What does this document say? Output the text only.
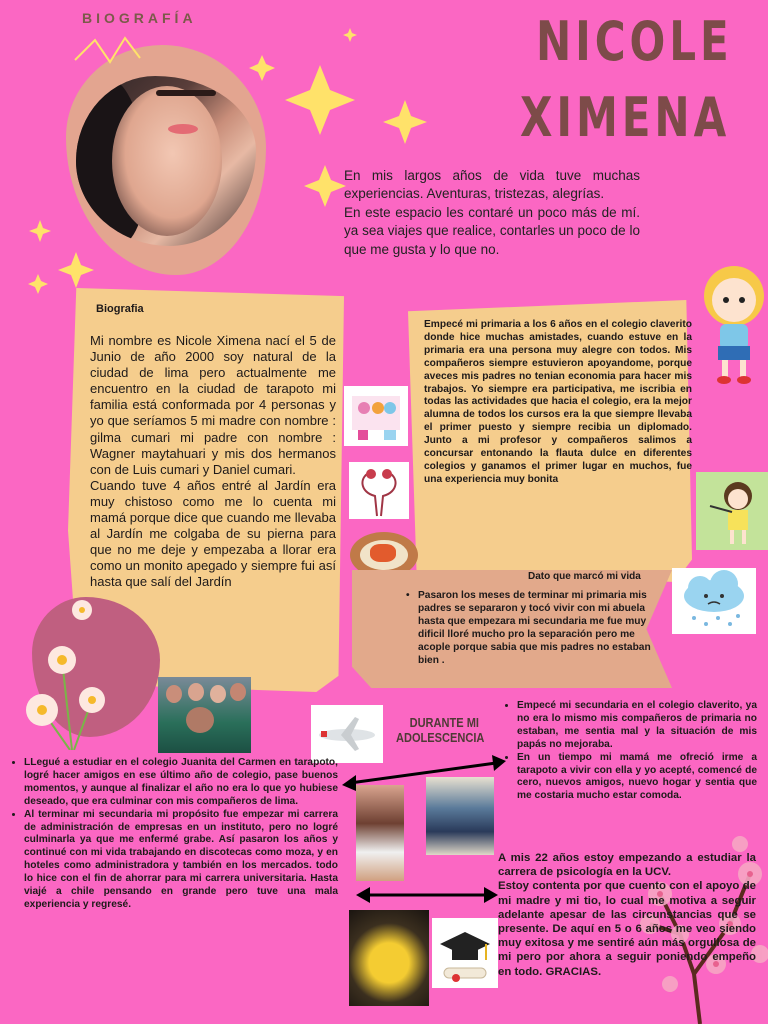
BIOGRAFÍA	NICOLE
XIMENA
En mis largos años de vida tuve muchas experiencias. Aventuras, tristezas, alegrías.
En este espacio les contaré un poco más de mí. ya sea viajes que realice, contarles un poco de lo que me gusta y lo que no.
Biografia
Mi nombre es Nicole Ximena nací el 5 de Junio de año 2000 soy natural de la ciudad de lima pero actualmente me encuentro en la ciudad de tarapoto mi familia está conformada por 4 personas y yo que seríamos 5 mi madre con nombre : gilma cumari mi padre con nombre : Wagner maytahuari y mis dos hermanos con de Luis cumari y Daniel cumari.
Cuando tuve 4 años entré al Jardín era muy chistoso como me lo cuenta mi mamá porque dice que cuando me llevaba al Jardín me colgaba de su pierna para que no me deje y empezaba a llorar era como un monito apegado y siempre fui así hasta que salí del Jardín
Empecé mi primaria a los 6 años en el colegio claverito donde hice muchas amistades, cuando estuve en la primaria era una persona muy alegre con todos. Mis compañeros siempre estuvieron apoyandome, porque aveces mis padres no tenian economia para hacer mis trabajos. Yo siempre era participativa, me iscribia en todas las actividades que hacia el colegio, era la mejor alumna de todos los cursos era la que siempre llevaba el primer puesto y siempre recibia un diplomado. Junto a mi profesor y compañeros salimos a concursar entonando la flauta dulce en diferentes colegios y ganamos el primer lugar en muchos, fue una experiencia muy bonita
Dato que marcó mi vida
• Pasaron los meses de terminar mi primaria mis padres se separaron y tocó vivir con mi abuela hasta que empezara mi secundaria me fue muy dificil lloré mucho pro la separación pero me acople porque sabia que mis padres no estaban bien .
DURANTE MI
ADOLESCENCIA
• Empecé mi secundaria en el colegio claverito, ya no era lo mismo mis compañeros de primaria no estaban, me sentia mal y la situación de mis papás no mejoraba.
• En un tiempo mi mamá me ofreció irme a tarapoto a vivir con ella y yo acepté, comencé de cero, nuevos amigos, nuevo hogar y sentia que me costaria mucho estar comoda.
• LLegué a estudiar en el colegio Juanita del Carmen en tarapoto, logré hacer amigos en ese último año de colegio, pase buenos momentos, y aunque al finalizar el año no era lo que yo hubiese deseado, que era culminar con mis compañeros de lima.
• Al terminar mi secundaria mi propósito fue empezar mi carrera de administración de empresas en un instituto, pero no logré culminarla ya que me enfermé grabe. Así pasaron los años y continué con mi vida trabajando en discotecas como moza, y en hoteles como administradora y también en los mercados. todo lo hice con el fin de ahorrar para mi carrera universitaria. Hasta viajé a chile pensando en grande pero tuve una mala experiencia y regresé.
A mis 22 años estoy empezando a estudiar la carrera de psicología en la UCV.
Estoy contenta por que cuento con el apoyo de mi madre y mi tio, lo cual me motiva a seguir adelante apesar de las circunstancias que se presente. De aquí en 5 o 6 años me veo siendo muy exitosa y me sentiré aún más orgullosa de mi pero por ahora a seguir poniendo empeño en todo. GRACIAS.
